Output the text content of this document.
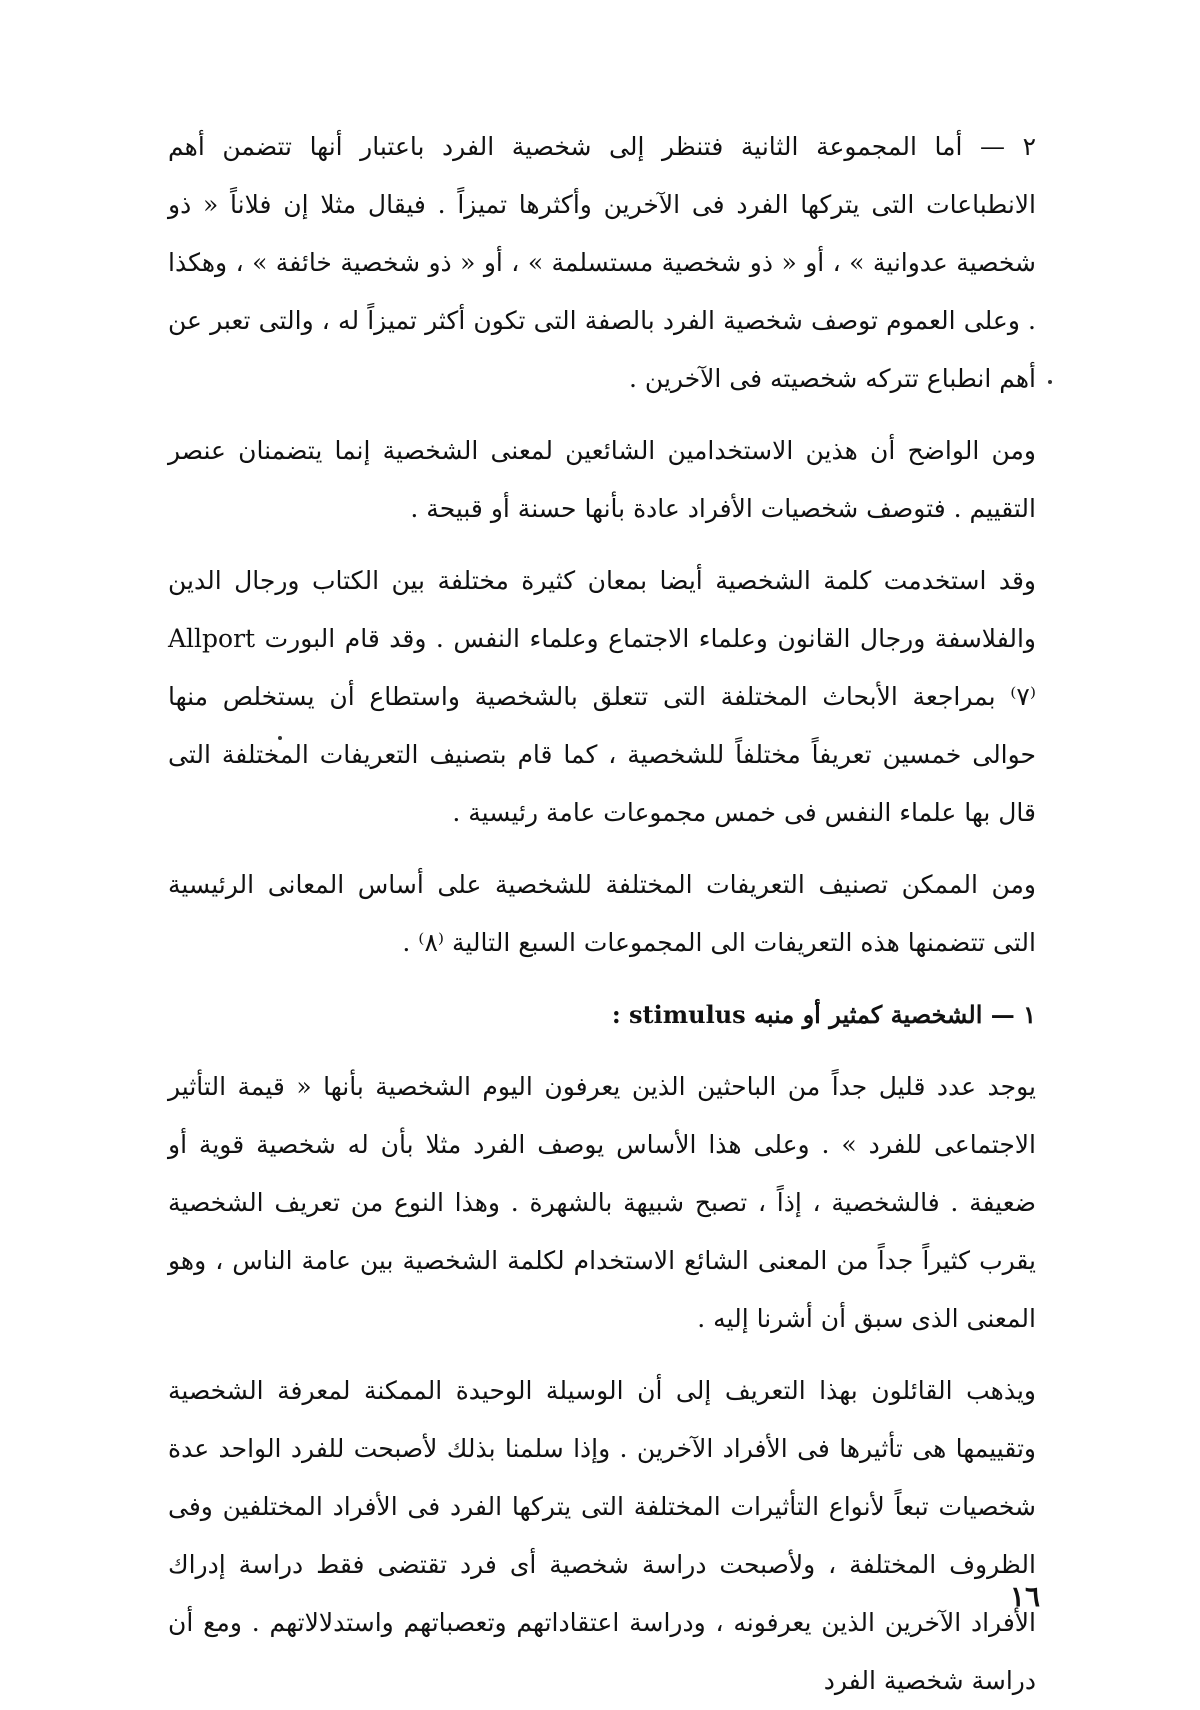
٢ — أما المجموعة الثانية فتنظر إلى شخصية الفرد باعتبار أنها تتضمن أهم الانطباعات التى يتركها الفرد فى الآخرين وأكثرها تميزاً . فيقال مثلا إن فلاناً « ذو شخصية عدوانية » ، أو « ذو شخصية مستسلمة » ، أو « ذو شخصية خائفة » ، وهكذا . وعلى العموم توصف شخصية الفرد بالصفة التى تكون أكثر تميزاً له ، والتى تعبر عن أهم انطباع تتركه شخصيته فى الآخرين .

ومن الواضح أن هذين الاستخدامين الشائعين لمعنى الشخصية إنما يتضمنان عنصر التقييم . فتوصف شخصيات الأفراد عادة بأنها حسنة أو قبيحة .

وقد استخدمت كلمة الشخصية أيضا بمعان كثيرة مختلفة بين الكتاب ورجال الدين والفلاسفة ورجال القانون وعلماء الاجتماع وعلماء النفس . وقد قام البورت Allport ⁽٧⁾ بمراجعة الأبحاث المختلفة التى تتعلق بالشخصية واستطاع أن يستخلص منها حوالى خمسين تعريفاً مختلفاً للشخصية ، كما قام بتصنيف التعريفات المختلفة التى قال بها علماء النفس فى خمس مجموعات عامة رئيسية .

ومن الممكن تصنيف التعريفات المختلفة للشخصية على أساس المعانى الرئيسية التى تتضمنها هذه التعريفات الى المجموعات السبع التالية ⁽٨⁾ .

١ — الشخصية كمثير أو منبه stimulus :

يوجد عدد قليل جداً من الباحثين الذين يعرفون اليوم الشخصية بأنها « قيمة التأثير الاجتماعى للفرد » . وعلى هذا الأساس يوصف الفرد مثلا بأن له شخصية قوية أو ضعيفة . فالشخصية ، إذاً ، تصبح شبيهة بالشهرة . وهذا النوع من تعريف الشخصية يقرب كثيراً جداً من المعنى الشائع الاستخدام لكلمة الشخصية بين عامة الناس ، وهو المعنى الذى سبق أن أشرنا إليه .

ويذهب القائلون بهذا التعريف إلى أن الوسيلة الوحيدة الممكنة لمعرفة الشخصية وتقييمها هى تأثيرها فى الأفراد الآخرين . وإذا سلمنا بذلك لأصبحت للفرد الواحد عدة شخصيات تبعاً لأنواع التأثيرات المختلفة التى يتركها الفرد فى الأفراد المختلفين وفى الظروف المختلفة ، ولأصبحت دراسة شخصية أى فرد تقتضى فقط دراسة إدراك الأفراد الآخرين الذين يعرفونه ، ودراسة اعتقاداتهم وتعصباتهم واستدلالاتهم . ومع أن دراسة شخصية الفرد

١٦
